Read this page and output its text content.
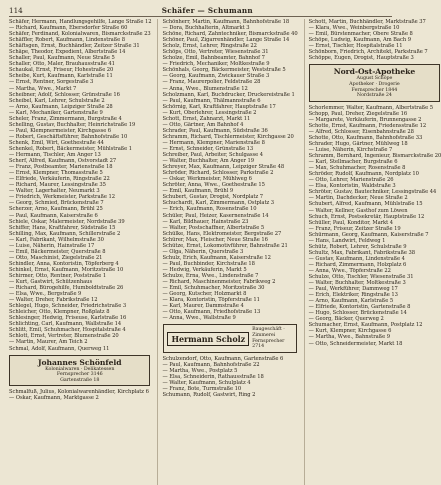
114	Schäfer — Schumann

Schäfer, Hermann, Handlungsgehilfe, Lange Straße 12

— Richard, Kaufmann, Ebersdorfer Straße 60

Schäfer, Ferdinand, Kolonialwaren, Bismarckstraße 23

Schäffler, Robert, Kaufmann, Lindenstraße 8

Schäftsgen, Ernst, Buchhändler, Zeitzer Straße 31

Schäpe, Theodor, Expedient, Albertstraße 14

Schaller, Paul, Kaufmann, Neue Straße 5

Schaller, Otto, Maler, Brauhausstraße 41

Schaukal, Ernst, Friseur, Hohestraße 20

Scheibe, Kurt, Kaufmann, Karlstraße 11

— Ernst, Rentner, Sorgestraße 3

— Martha, Wwe., Markt 7

Scheibner, Adolf, Schlosser, Grünstraße 16

Scheibel, Karl, Lehrer, Schulstraße 2

— Arno, Kaufmann, Leipziger Straße 28

— Karl, Mechaniker, Gartenstraße 9

Scheler, Franz, Zimmermann, Burgstraße 4

Schelling, Gustav, Buchhalter, Heinrichstraße 19

— Paul, Klempnermeister, Kirchgasse 6

— Robert, Geschäftsführer, Bahnhofstraße 10

Schenk, Emil, Wirt, Goethestraße 44

Schenkel, Robert, Bäckermeister, Mühlstraße 1

— Hermann, Tischler, Am Anger 13

Scherf, Alfred, Kaufmann, Ostvorstadt 27

— Franz, Postbeamter, Marienstraße 18

— Ernst, Klempner, Thomasstraße 5

— Elfriede, Verkäuferin, Ringstraße 22

— Richard, Maurer, Lessingstraße 35

— Walter, Lagerhalter, Neumarkt 3

— Friedrich, Werkmeister, Parkstraße 12

— Georg, Schmied, Brückenstraße 7

Scherzer, Arno, Kaufmann, Brühl 25

— Paul, Kaufmann, Kaiserstraße 6

Schiele, Oskar, Malermeister, Nordstraße 39

Schiffer, Hans, Kraftfahrer, Südstraße 15

Schilling, Max, Kaufmann, Schillerstraße 2

— Karl, Fabrikant, Wilhelmstraße 30

— Luise, Näherin, Hainstraße 17

— Emil, Bäckermeister, Querstraße 8

— Otto, Maschinist, Ziegelstraße 21

Schindler, Anna, Kontoristin, Töpferberg 4

Schinkel, Ernst, Kaufmann, Moritzstraße 10

Schirmer, Otto, Rentner, Poststraße 1

— Kurt, Gastwirt, Schützenhaus

— Richard, Bürogehilfe, Humboldtstraße 26

— Elsa, Wwe., Bergstraße 9

— Walter, Dreher, Fabrikstraße 12

Schlegel, Hugo, Schneider, Friedrichstraße 3

Schleicher, Otto, Klempner, Roßplatz 8

Schlesinger, Hedwig, Friseuse, Karlstraße 16

Schlichting, Carl, Kaufmann, Wallstraße 14

Schlitt, Emil, Schuhmacher, Hospitalstraße 4

Schlott, Ernst, Vertreter, Blumenstraße 20

— Martin, Maurer, Am Teich 2

Schmal, Adolf, Kaufmann, Querweg 11

Johannes Schönfeld
Kolonialwaren · Delikatessen
Fernsprecher 3146
Gartenstraße 18

Schmalfuß, Julius, Kolonialwarenhändler, Kirchplatz 6

— Oskar, Kaufmann, Marktgasse 2

Schönherr, Martin, Kaufmann, Bahnhofstraße 18

— Dora, Buchhalterin, Altmarkt 3

Schöne, Richard, Zahntechniker, Bismarckstraße 40

Schöner, Paul, Zigarrenhändler, Lange Straße 14

Scholz, Ernst, Lehrer, Ringstraße 22

Schöps, Otto, Vertreter, Wiesenstraße 31

Scholze, Emil, Bahnbeamter, Bahnhof 7

— Friedrich, Mechaniker, Moltkestraße 9

Schönhals, Georg, Bäckermeister, Weststraße 5

— Georg, Kaufmann, Zwickauer Straße 3

— Franz, Maurerpolier, Feldstraße 28

— Anna, Wwe., Blumenstraße 12

Scholzmann, Karl, Buchdrucker, Druckereistraße 1

— Paul, Kaufmann, Thälmannstraße 6

Schörnig, Karl, Kraftfahrer, Hauptstraße 17

— Kurt, Oberlehrer, Lessingstraße 2

Schott, Ernst, Zahnarzt, Markt 11

— Otto, Gärtner, Am Bahnhof 4

Schrader, Paul, Kaufmann, Südstraße 36

Schramm, Richard, Tischlermeister, Kirchgasse 20

— Hermann, Klempner, Marienstraße 8

— Ernst, Schneider, Grünstraße 13

Schreiber, Paul, Arbeiter, Schulgasse 4

— Walter, Buchhalter, Am Anger 19

Schreyer, Max, Kaufmann, Leipziger Straße 48

Schröder, Richard, Schlosser, Parkstraße 2

— Oskar, Werkmeister, Mühlweg 6

Schröter, Anna, Wwe., Goethestraße 15

— Emil, Kaufmann, Brühl 9

Schubert, Gustav, Drogist, Nordplatz 7

Schuchardt, Karl, Zimmermann, Ostplatz 3

— Erich, Kaufmann, Rosenstraße 10

Schüler, Paul, Heizer, Kasernenstraße 14

— Karl, Bildhauer, Hainstraße 23

— Walter, Postschaffner, Albertstraße 5

Schülke, Hans, Elektromeister, Bergstraße 27

Schürer, Max, Fleischer, Neue Straße 16

Schütze, Ernst, Lokomotivführer, Bahnstraße 21

— Olga, Näherin, Querstraße 3

Schulz, Erich, Kaufmann, Kaiserstraße 12

— Paul, Buchbinder, Kirchstraße 18

— Hedwig, Verkäuferin, Markt 5

Schulze, Erna, Wwe., Lindenstraße 7

— Richard, Maschinenmeister, Fabrikweg 2

— Emil, Schuhmacher, Moritzstraße 30

— Georg, Kutscher, Holzmarkt 8

— Klara, Kontoristin, Töpferstraße 11

— Karl, Maurer, Dammstraße 4

— Otto, Kaufmann, Friedhofstraße 13

— Anna, Wwe., Wallstraße 9

Hermann Scholz
Baugeschäft · Zimmerei
Fernsprecher 2714

Schulzendorf, Otto, Kaufmann, Gartenstraße 6

— Paul, Kaufmann, Bahnhofstraße 22

— Martha, Wwe., Postplatz 5

— Elsa, Schneiderin, Rathausstraße 18

— Walter, Kaufmann, Schulplatz 4

— Franz, Bote, Turmstraße 10

Schumann, Rudolf, Gastwirt, Ring 2

Schott, Martin, Buchhändler, Marktstraße 37

— Klara, Wwe., Weinbergstraße 10

— Emil, Bürstenmacher, Obere Straße 8

Schöpe, Ludwig, Kaufmann, Am Bach 9

— Ernst, Tischler, Hospitalstraße 11

Schönborn, Friedrich, Architekt, Parkstraße 7

Schöppe, Eugen, Drogist, Hauptstraße 3

Nord-Ost-Apotheke
August Schöpe
Apotheker · Drogerie
Fernsprecher 1844
Nordstraße 24

Schorlemmer, Walter, Kaufmann, Albertstraße 5

Schopp, Paul, Dreher, Ziegelstraße 16

— Margarete, Verkäuferin, Brunnengasse 2

Schotte, Ernst, Kaufmann, Friedensstraße 12

— Alfred, Schlosser, Eisenbahnstraße 28

Schotte, Otto, Kaufmann, Bahnhofstraße 33

Schrader, Hugo, Gärtner, Mühlweg 18

— Luise, Näherin, Kirchstraße 7

Schramm, Bernhard, Ingenieur, Bismarckstraße 20

— Karl, Stellmacher, Burgstraße 6

— Max, Schuhmacher, Rosenstraße 8

Schröder, Rudolf, Kaufmann, Nordplatz 10

— Otto, Lehrer, Marienstraße 26

— Elsa, Kontoristin, Waldstraße 3

Schröter, Gustav, Bautechniker, Lessingstraße 44

— Martin, Dachdecker, Neue Straße 2

Schubert, Alfred, Kaufmann, Mühlstraße 15

— Walter, Kellner, Gasthof zum Löwen

Schuch, Ernst, Postsekretär, Hauptstraße 12

Schüller, Paul, Konditor, Markt 4

— Franz, Friseur, Zeitzer Straße 19

Schürmann, Georg, Kaufmann, Kaiserstraße 7

— Hans, Landwirt, Feldweg 1

Schütz, Robert, Lehrer, Schulstraße 9

Schultz, Max, Fabrikant, Fabrikstraße 38

— Gustav, Kaufmann, Lindenstraße 4

— Richard, Zimmermann, Holzplatz 6

— Anna, Wwe., Töpferstraße 22

Schulze, Otto, Tischler, Wiesenstraße 31

— Walter, Buchhalter, Moltkestraße 3

— Paul, Werkführer, Dammweg 17

— Erich, Elektriker, Ringstraße 13

— Arno, Kaufmann, Karlstraße 5

— Elfriede, Kontoristin, Gartenstraße 8

— Hugo, Schlosser, Brückenstraße 14

— Georg, Bäcker, Querweg 2

Schumacher, Ernst, Kaufmann, Postplatz 12

— Kurt, Klempner, Kirchgasse 6

— Martha, Wwe., Bahnstraße 9

— Otto, Schneidermeister, Markt 18
